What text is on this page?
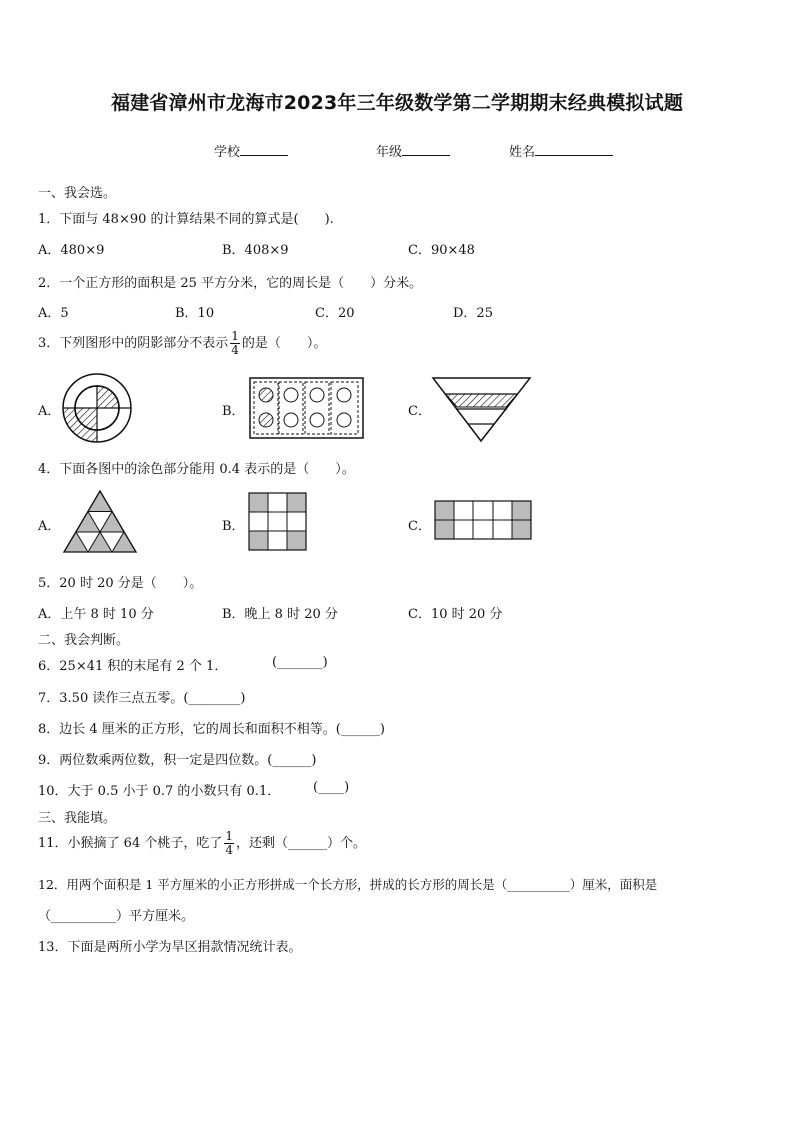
福建省漳州市龙海市2023年三年级数学第二学期期末经典模拟试题
学校	年级	姓名
一、我会选。
1．下面与 48×90 的计算结果不同的算式是(　　).
A．480×9	B．408×9	C．90×48
2．一个正方形的面积是 25 平方分米，它的周长是（　　）分米。
A．5	B．10	C．20	D．25
3．下列图形中的阴影部分不表示 $\frac{1}{4}$ 的是（　　）。
A．	B．	C．
4．下面各图中的涂色部分能用 0.4 表示的是（　　）。
A．	B．	C．
5．20 时 20 分是（　　）。
A．上午 8 时 10 分	B．晚上 8 时 20 分	C．10 时 20 分
二、我会判断。
6．25×41 积的末尾有 2 个 1．	(_______)
7．3.50 读作三点五零。(________)
8．边长 4 厘米的正方形，它的周长和面积不相等。(______)
9．两位数乘两位数，积一定是四位数。(______)
10．大于 0.5 小于 0.7 的小数只有 0.1．	(____)
三、我能填。
11．小猴摘了 64 个桃子，吃了 $\frac{1}{4}$ ，还剩（______）个。
12．用两个面积是 1 平方厘米的小正方形拼成一个长方形，拼成的长方形的周长是（__________）厘米，面积是
（__________）平方厘米。
13．下面是两所小学为旱区捐款情况统计表。
